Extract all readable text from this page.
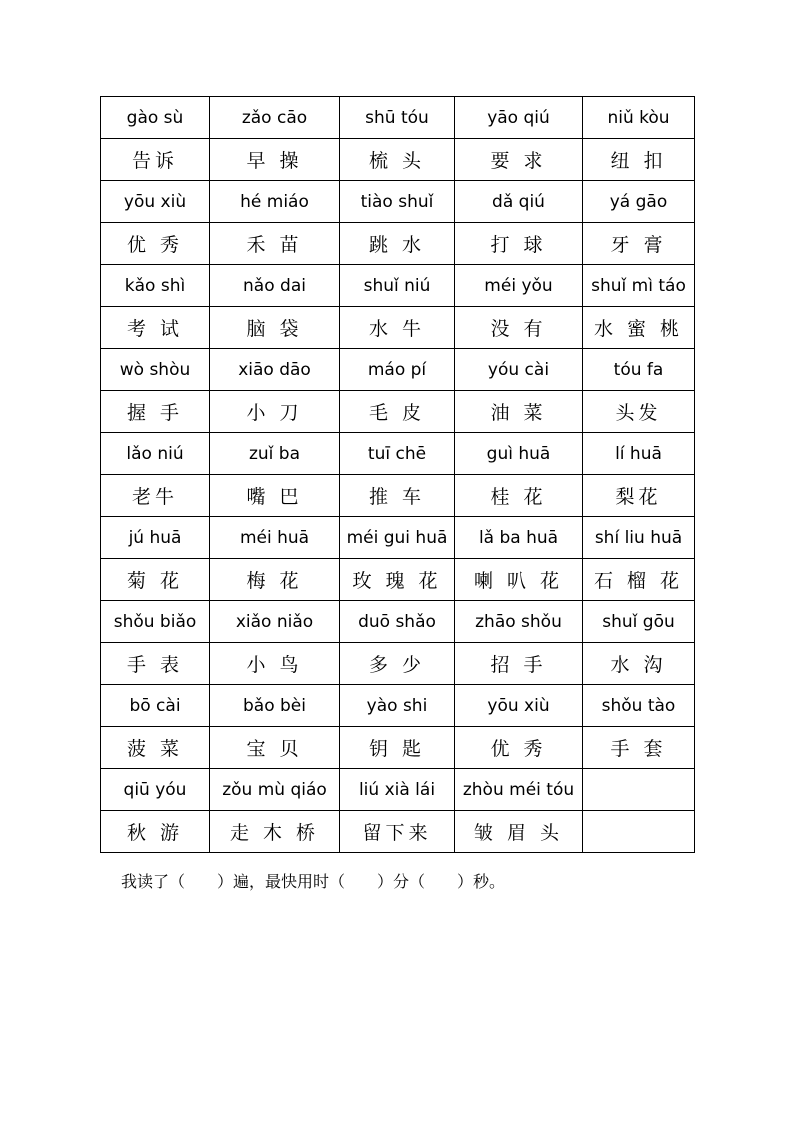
gào sù	zǎo cāo	shū tóu	yāo qiú	niǔ kòu
告诉	早 操	梳 头	要 求	纽 扣
yōu xiù	hé miáo	tiào shuǐ	dǎ qiú	yá gāo
优 秀	禾 苗	跳 水	打 球	牙 膏
kǎo shì	nǎo dai	shuǐ niú	méi yǒu	shuǐ mì táo
考 试	脑 袋	水 牛	没 有	水 蜜 桃
wò shòu	xiāo dāo	máo pí	yóu cài	tóu fa
握 手	小 刀	毛 皮	油 菜	头发
lǎo niú	zuǐ ba	tuī chē	guì huā	lí huā
老牛	嘴 巴	推 车	桂 花	梨花
jú huā	méi huā	méi gui huā	lǎ ba huā	shí liu huā
菊 花	梅 花	玫 瑰 花	喇 叭 花	石 榴 花
shǒu biǎo	xiǎo niǎo	duō shǎo	zhāo shǒu	shuǐ gōu
手 表	小 鸟	多 少	招 手	水 沟
bō cài	bǎo bèi	yào shi	yōu xiù	shǒu tào
菠 菜	宝 贝	钥 匙	优 秀	手 套
qiū yóu	zǒu mù qiáo	liú xià lái	zhòu méi tóu	
秋 游	走 木 桥	留下来	皱 眉 头	
我读了（　　）遍，最快用时（　　）分（　　）秒。
